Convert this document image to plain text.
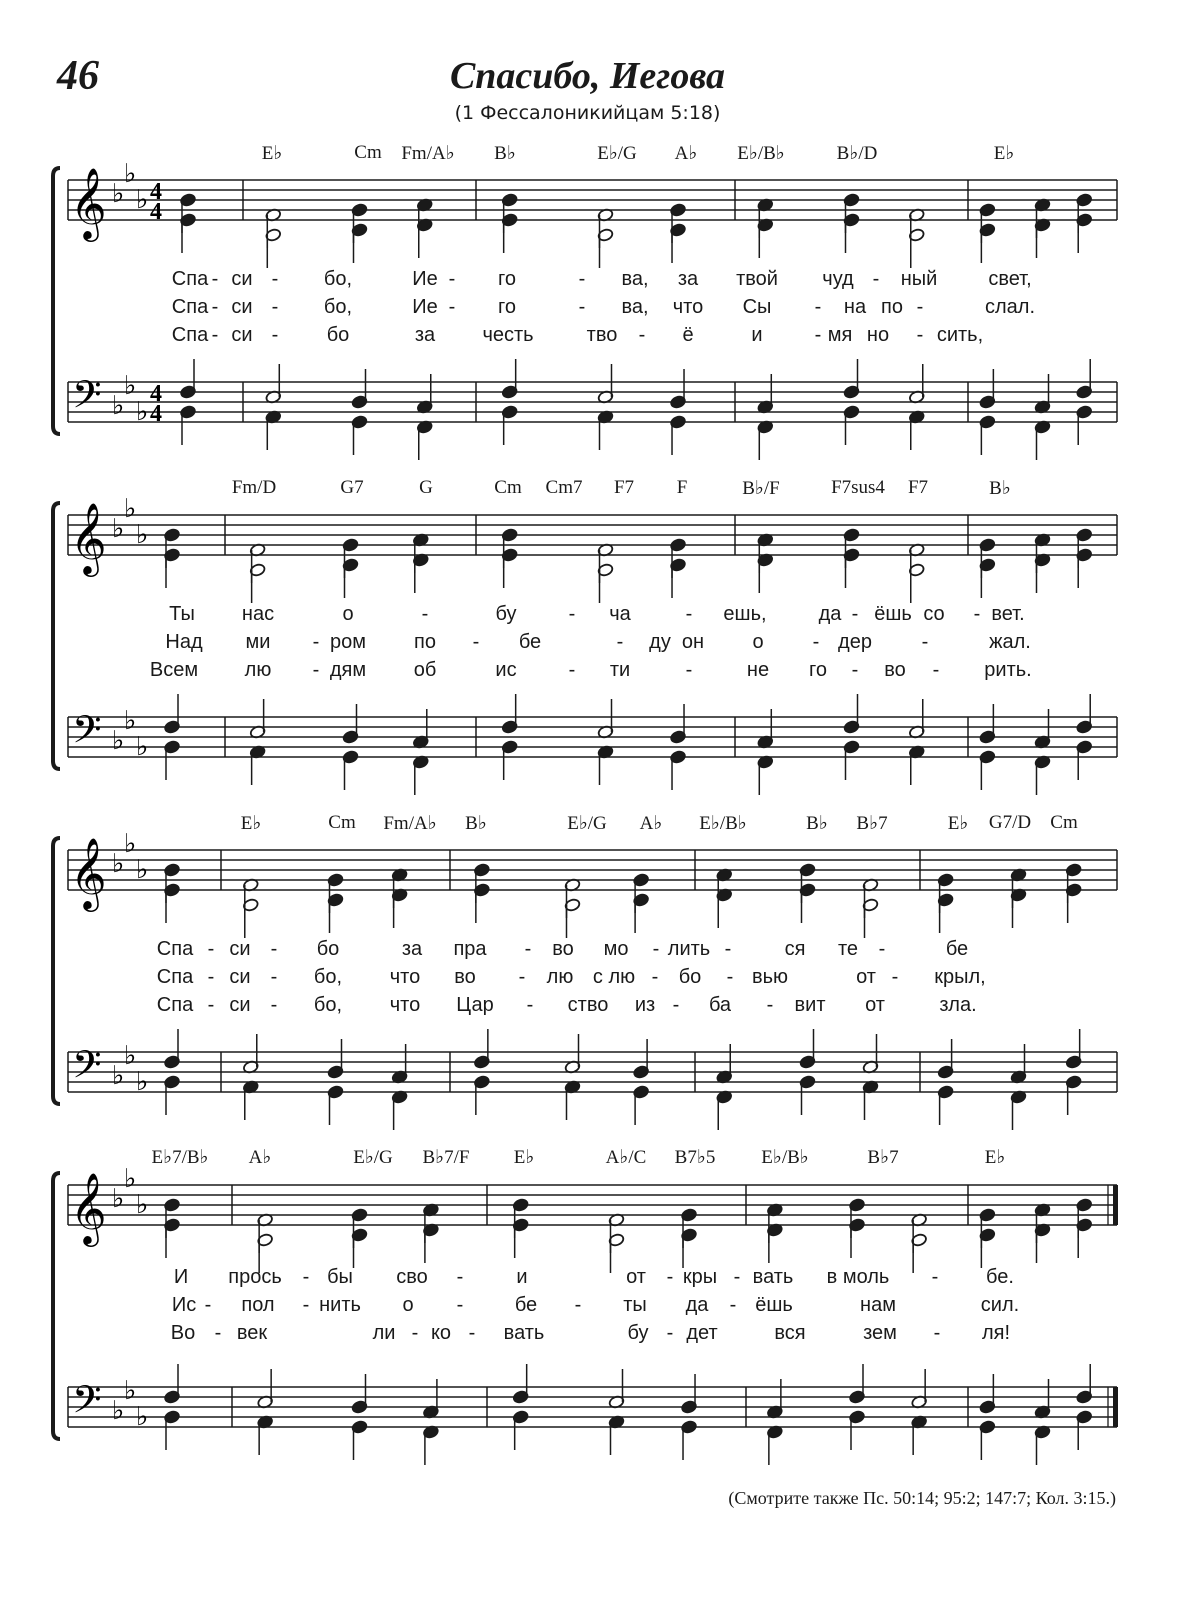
46	Спасибо, Иегова
(1 Фессалоникийцам 5:18)
𝄞
𝄢
♭
♭
♭
♭
♭
♭
4
4
4
4
𝄞
𝄢
♭
♭
♭
♭
♭
♭
𝄞
𝄢
♭
♭
♭
♭
♭
♭
𝄞
𝄢
♭
♭
♭
♭
♭
♭
E♭	Cm Fm/A♭ B♭	E♭/G A♭ E♭/B♭	B♭/D	E♭
Спа - си - бо,	Ие - го	- ва, за твой чуд - ный	свет,
Спа - си - бо,	Ие - го	- ва, что Сы - на по -	слал.
Спа - си - бо	за честь	тво - ё	и	- мя но - сить,
Fm/D	G7	G	Cm Cm7 F7 F	B♭/F	F7sus4 F7	B♭
Ты нас	о	-	бу	- ча	- ешь,	да - ёшь со - вет.
Над ми - ром по - бе	- ду он о - дер -	жал.
Всем лю - дям об	ис	- ти	-	не го - во - рить.
E♭	Cm Fm/A♭ B♭	E♭/G A♭ E♭/B♭	B♭ B♭7	E♭ G7/D Cm
Спа - си - бо	за пра - во мо - лить -	ся те -	бе
Спа - си - бо, что во - лю с лю - бо - вью	от - крыл,
Спа - си - бо, что Цар - ство из - ба - вит от	зла.
E♭7/B♭ A♭	E♭/G B♭7/F E♭	A♭/C B7♭5 E♭/B♭	B♭7	E♭
И прось - бы сво -	и	от - кры - вать в моль - бе.
Ис - пол - нить о -	бе - ты да - ёшь	нам	сил.
Во - век	ли - ко - вать	бу - дет	вся	зем - ля!
(Смотрите также Пс. 50:14; 95:2; 147:7; Кол. 3:15.)
